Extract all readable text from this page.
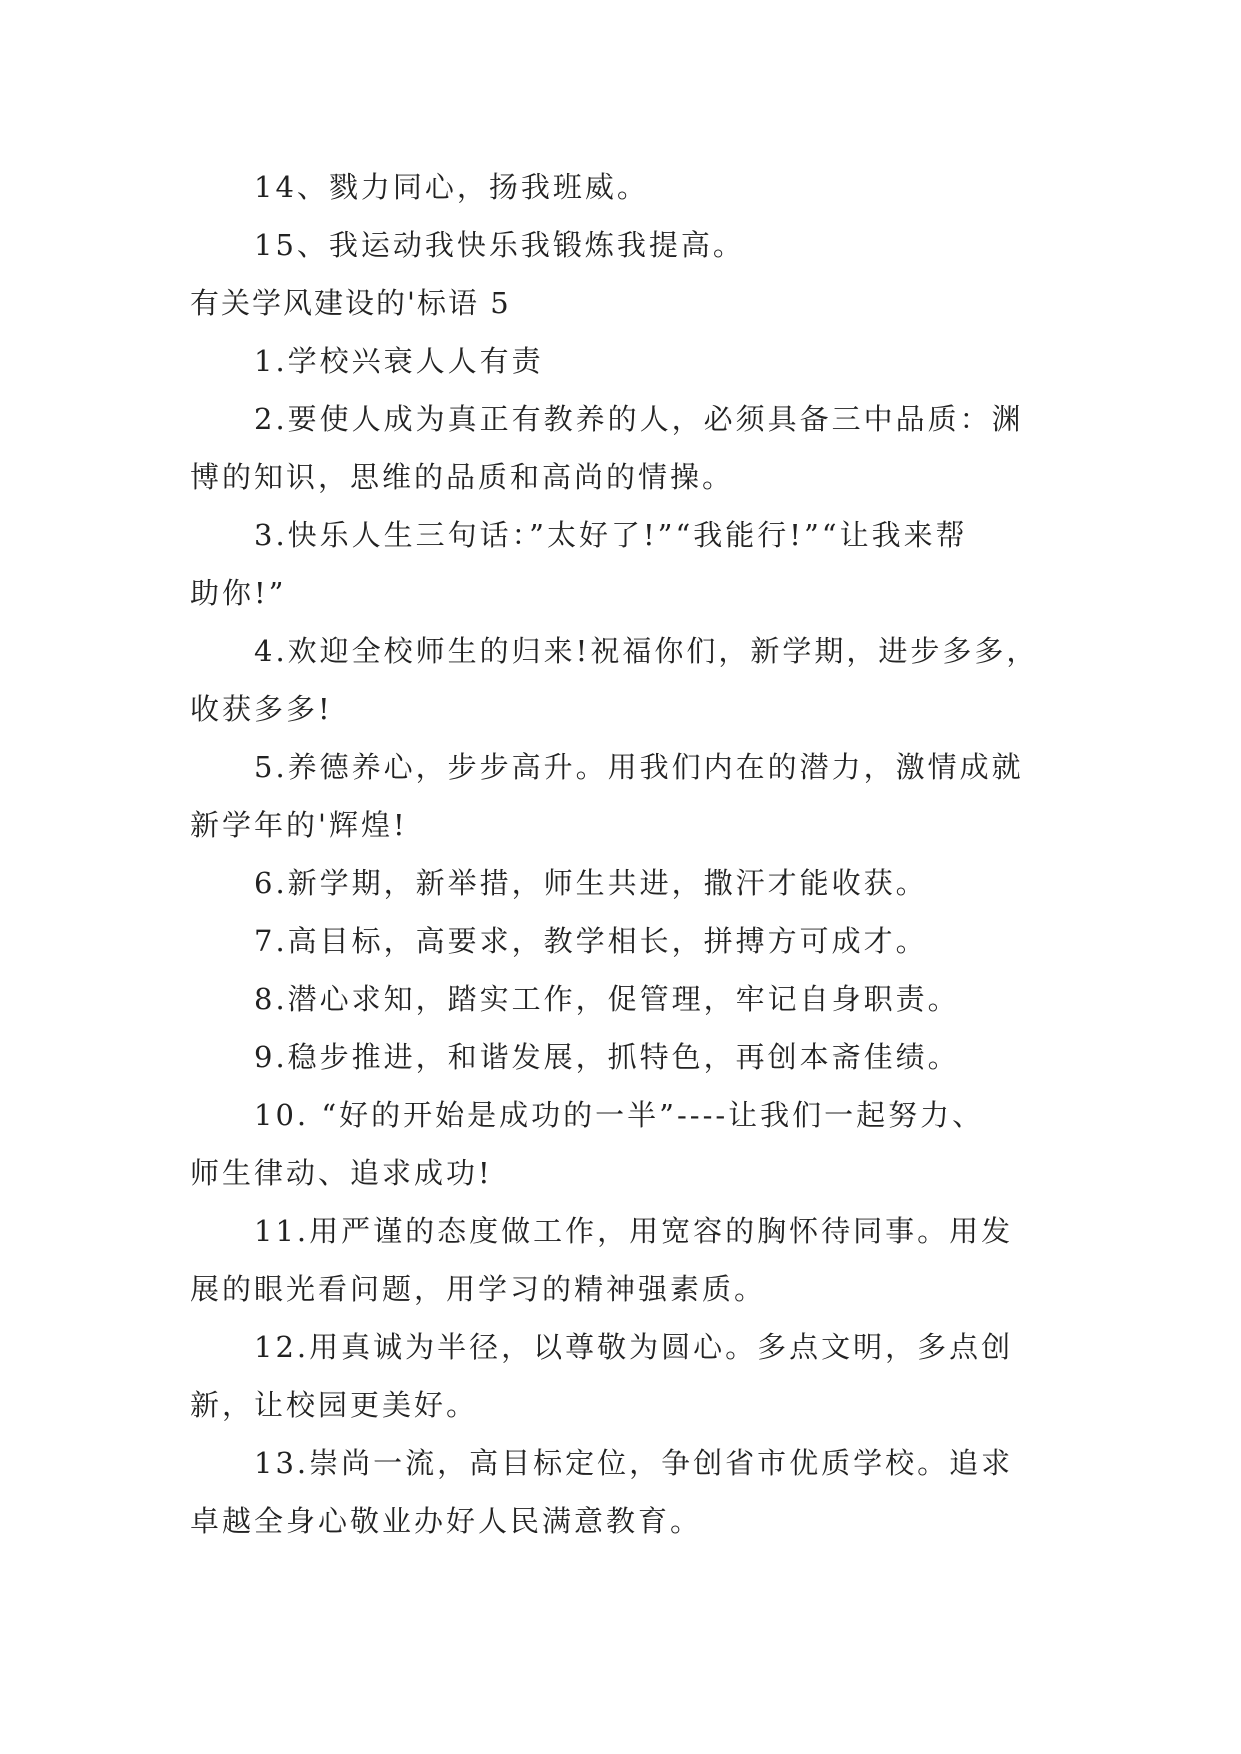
14、戮力同心，扬我班威。
15、我运动我快乐我锻炼我提高。
有关学风建设的'标语 5
1.学校兴衰人人有责
2.要使人成为真正有教养的人，必须具备三中品质：渊
博的知识，思维的品质和高尚的情操。
3.快乐人生三句话：”太好了!”“我能行!”“让我来帮
助你!”
4.欢迎全校师生的归来!祝福你们，新学期，进步多多，
收获多多!
5.养德养心，步步高升。用我们内在的潜力，激情成就
新学年的'辉煌!
6.新学期，新举措，师生共进，撒汗才能收获。
7.高目标，高要求，教学相长，拼搏方可成才。
8.潜心求知，踏实工作，促管理，牢记自身职责。
9.稳步推进，和谐发展，抓特色，再创本斋佳绩。
10. “好的开始是成功的一半”----让我们一起努力、
师生律动、追求成功!
11.用严谨的态度做工作，用宽容的胸怀待同事。用发
展的眼光看问题，用学习的精神强素质。
12.用真诚为半径，以尊敬为圆心。多点文明，多点创
新，让校园更美好。
13.崇尚一流，高目标定位，争创省市优质学校。追求
卓越全身心敬业办好人民满意教育。
